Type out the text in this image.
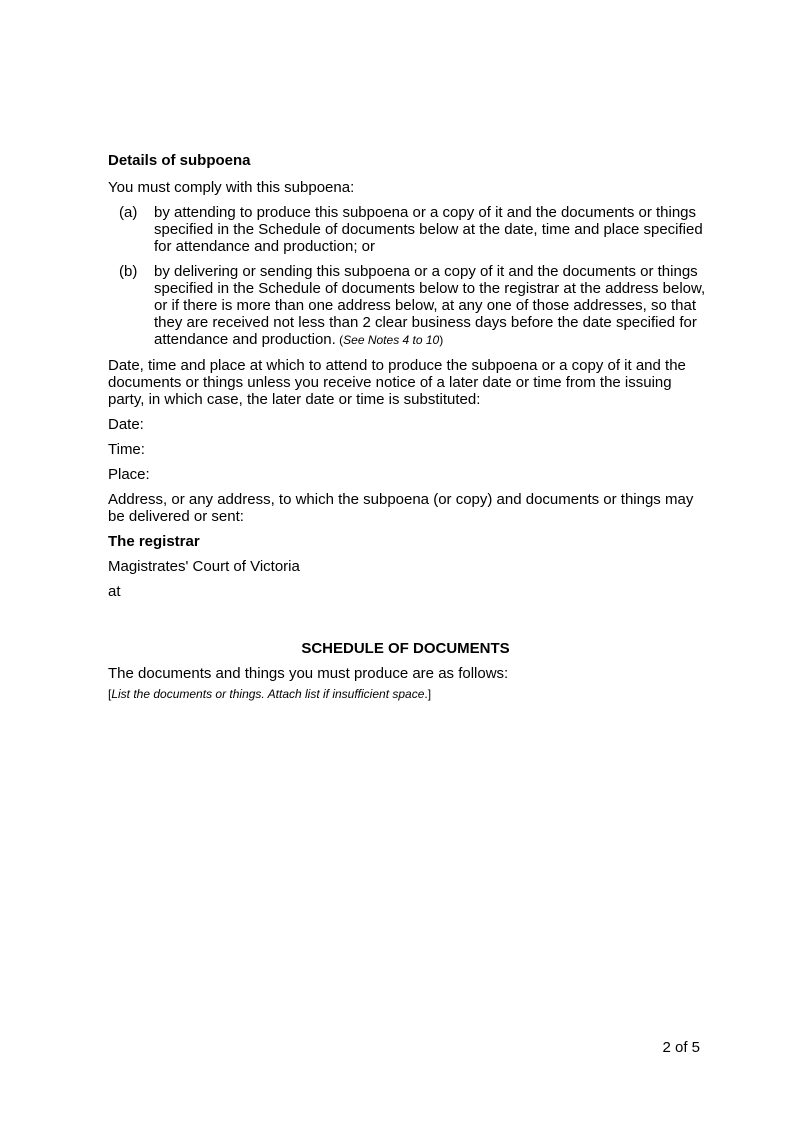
Details of subpoena

You must comply with this subpoena:

(a) by attending to produce this subpoena or a copy of it and the documents or things specified in the Schedule of documents below at the date, time and place specified for attendance and production; or
(b) by delivering or sending this subpoena or a copy of it and the documents or things specified in the Schedule of documents below to the registrar at the address below, or if there is more than one address below, at any one of those addresses, so that they are received not less than 2 clear business days before the date specified for attendance and production. (See Notes 4 to 10)

Date, time and place at which to attend to produce the subpoena or a copy of it and the documents or things unless you receive notice of a later date or time from the issuing party, in which case, the later date or time is substituted:

Date:

Time:

Place:

Address, or any address, to which the subpoena (or copy) and documents or things may be delivered or sent:

The registrar

Magistrates' Court of Victoria

at

SCHEDULE OF DOCUMENTS

The documents and things you must produce are as follows:

[List the documents or things. Attach list if insufficient space.]

2 of 5
